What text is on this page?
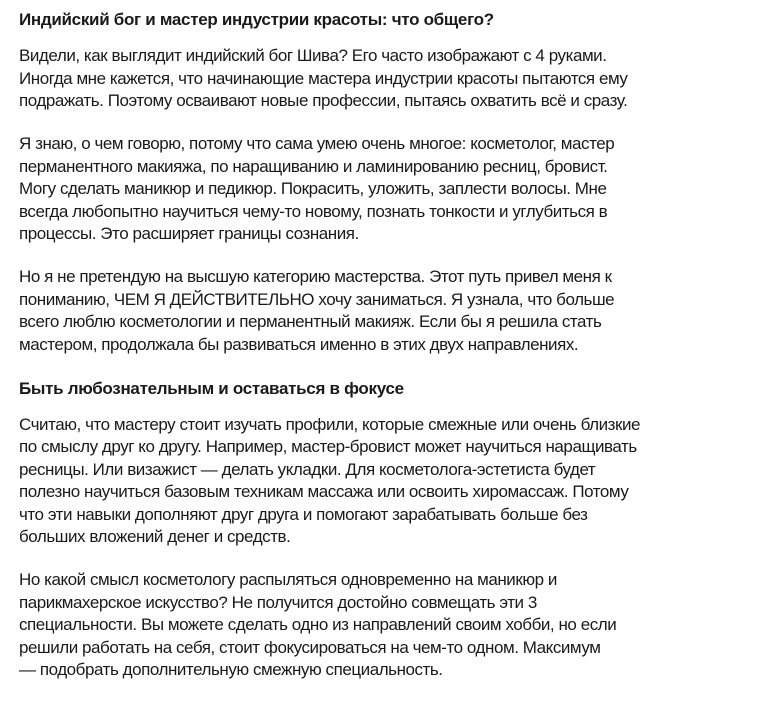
Индийский бог и мастер индустрии красоты: что общего?
Видели, как выглядит индийский бог Шива? Его часто изображают с 4 руками.
Иногда мне кажется, что начинающие мастера индустрии красоты пытаются ему
подражать. Поэтому осваивают новые профессии, пытаясь охватить всё и сразу.
Я знаю, о чем говорю, потому что сама умею очень многое: косметолог, мастер
перманентного макияжа, по наращиванию и ламинированию ресниц, бровист.
Могу сделать маникюр и педикюр. Покрасить, уложить, заплести волосы. Мне
всегда любопытно научиться чему-то новому, познать тонкости и углубиться в
процессы. Это расширяет границы сознания.
Но я не претендую на высшую категорию мастерства. Этот путь привел меня к
пониманию, ЧЕМ Я ДЕЙСТВИТЕЛЬНО хочу заниматься. Я узнала, что больше
всего люблю косметологии и перманентный макияж. Если бы я решила стать
мастером, продолжала бы развиваться именно в этих двух направлениях.
Быть любознательным и оставаться в фокусе
Считаю, что мастеру стоит изучать профили, которые смежные или очень близкие
по смыслу друг ко другу. Например, мастер-бровист может научиться наращивать
ресницы. Или визажист — делать укладки. Для косметолога-эстетиста будет
полезно научиться базовым техникам массажа или освоить хиромассаж. Потому
что эти навыки дополняют друг друга и помогают зарабатывать больше без
больших вложений денег и средств.
Но какой смысл косметологу распыляться одновременно на маникюр и
парикмахерское искусство? Не получится достойно совмещать эти 3
специальности. Вы можете сделать одно из направлений своим хобби, но если
решили работать на себя, стоит фокусироваться на чем-то одном. Максимум
— подобрать дополнительную смежную специальность.
